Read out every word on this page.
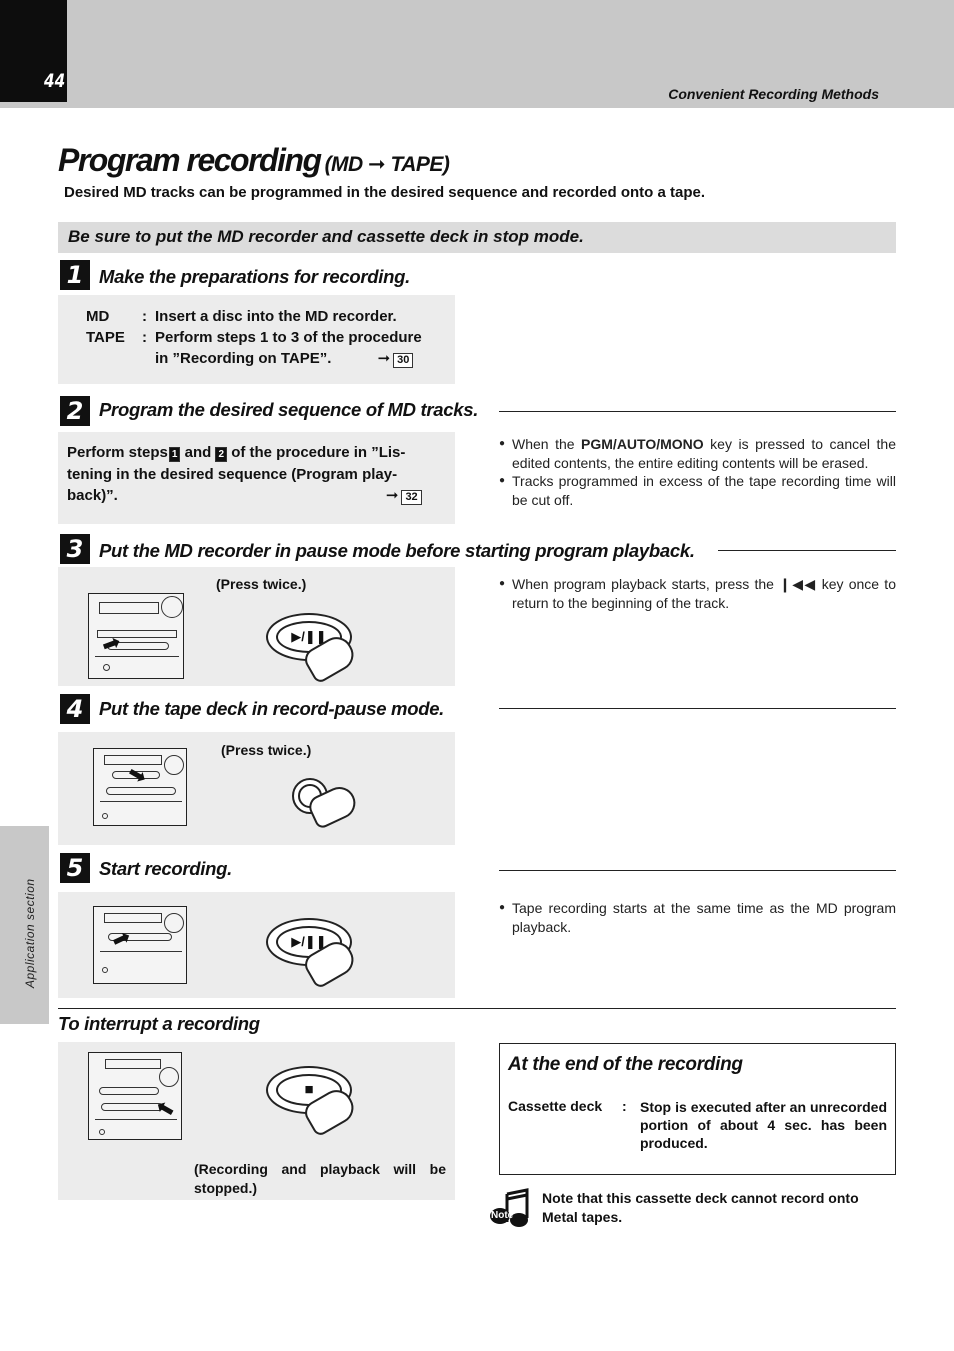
44
Convenient Recording Methods
Application section
Program recording (MD ➞ TAPE)
Desired MD tracks can be programmed in the desired sequence and recorded onto a tape.
Be sure to put the MD recorder and cassette deck in stop mode.
1 Make the preparations for recording.
MD	:	Insert a disc into the MD recorder.
TAPE	:	Perform steps 1 to 3 of the procedure
		in ”Recording on TAPE”. ➞ 30
2 Program the desired sequence of MD tracks.
Perform steps 1 and 2 of the procedure in ”Lis-
tening in the desired sequence (Program play-
back)”.	➞ 32
● When the PGM/AUTO/MONO key is pressed to cancel the edited contents, the entire editing contents will be erased.
● Tracks programmed in excess of the tape recording time will be cut off.
3 Put the MD recorder in pause mode before starting program playback.
(Press twice.)
➡	▶/❚❚
● When program playback starts, press the ❙◀◀ key once to return to the beginning of the track.
4 Put the tape deck in record-pause mode.
(Press twice.)
➡
5 Start recording.
➡	▶/❚❚
● Tape recording starts at the same time as the MD program playback.
To interrupt a recording
➡
■
(Recording and playback will be stopped.)
At the end of the recording
Cassette deck : Stop is executed after an unrecorded portion of about 4 sec. has been produced.
Note
Note that this cassette deck cannot record onto Metal tapes.
